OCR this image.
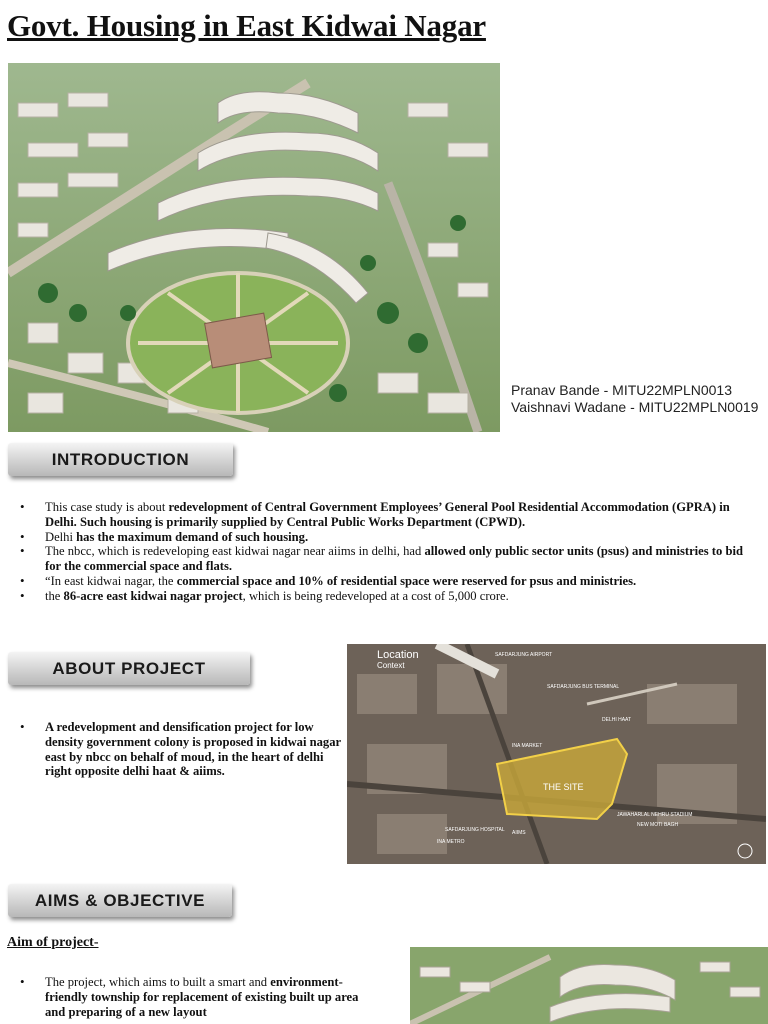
Govt. Housing in East Kidwai Nagar
Pranav Bande - MITU22MPLN0013
Vaishnavi Wadane - MITU22MPLN0019
INTRODUCTION
• This case study is about redevelopment of Central Government Employees’ General Pool Residential Accommodation (GPRA) in Delhi. Such housing is primarily supplied by Central Public Works Department (CPWD).
• Delhi has the maximum demand of such housing.
• The nbcc, which is redeveloping east kidwai nagar near aiims in delhi, had allowed only public sector units (psus) and ministries to bid for the commercial space and flats.
• “In east kidwai nagar, the commercial space and 10% of residential space were reserved for psus and ministries.
• the 86-acre east kidwai nagar project, which is being redeveloped at a cost of 5,000 crore.
ABOUT PROJECT
• A redevelopment and densification project for low density government colony is proposed in kidwai nagar east by nbcc on behalf of moud, in the heart of delhi right opposite delhi haat & aiims.
THE SITE
Location
Context
SAFDARJUNG AIRPORT
SAFDARJUNG BUS TERMINAL
DELHI HAAT
INA MARKET
SAFDARJUNG HOSPITAL AIIMS
INA METRO
JAWAHARLAL NEHRU STADIUM
NEW MOTI BAGH
AIMS & OBJECTIVE
Aim of project-
• The project, which aims to built a smart and environment-friendly township for replacement of existing built up area and preparing of a new layout
